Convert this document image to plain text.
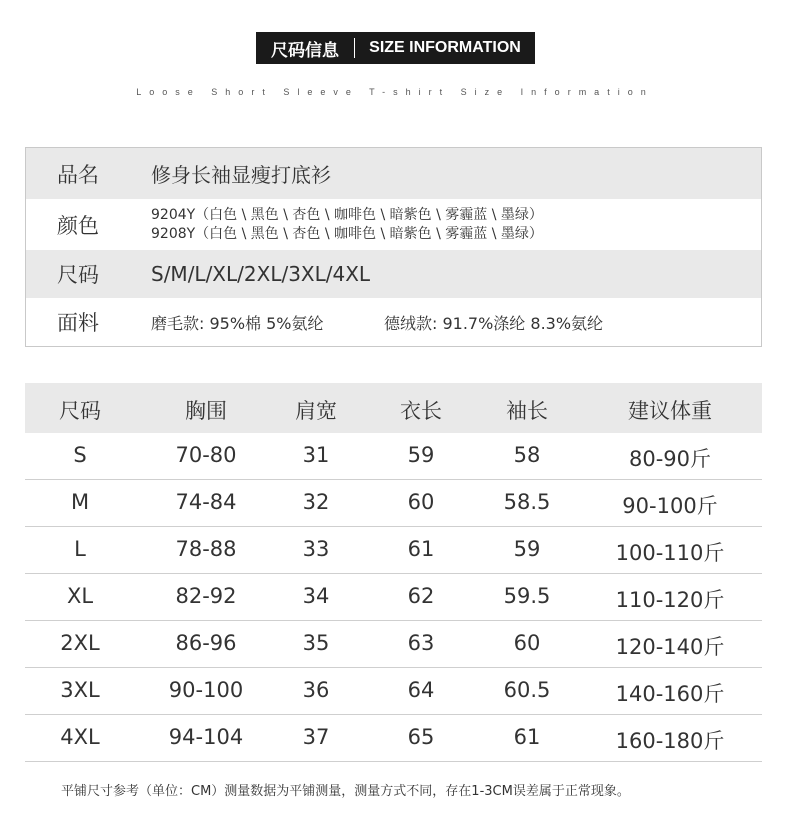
尺码信息	SIZE INFORMATION
Loose Short Sleeve T-shirt Size Information
品名	修身长袖显瘦打底衫
颜色	9204Y（白色 \ 黑色 \ 杏色 \ 咖啡色 \ 暗紫色 \ 雾霾蓝 \ 墨绿）
9208Y（白色 \ 黑色 \ 杏色 \ 咖啡色 \ 暗紫色 \ 雾霾蓝 \ 墨绿）
尺码	S/M/L/XL/2XL/3XL/4XL
面料	磨毛款: 95%棉 5%氨纶	德绒款: 91.7%涤纶 8.3%氨纶
尺码	胸围	肩宽	衣长	袖长	建议体重
S	70-80	31	59	58	80-90斤
M	74-84	32	60	58.5	90-100斤
L	78-88	33	61	59	100-110斤
XL	82-92	34	62	59.5	110-120斤
2XL	86-96	35	63	60	120-140斤
3XL	90-100	36	64	60.5	140-160斤
4XL	94-104	37	65	61	160-180斤
平铺尺寸参考（单位：CM）测量数据为平铺测量，测量方式不同，存在1-3CM误差属于正常现象。
